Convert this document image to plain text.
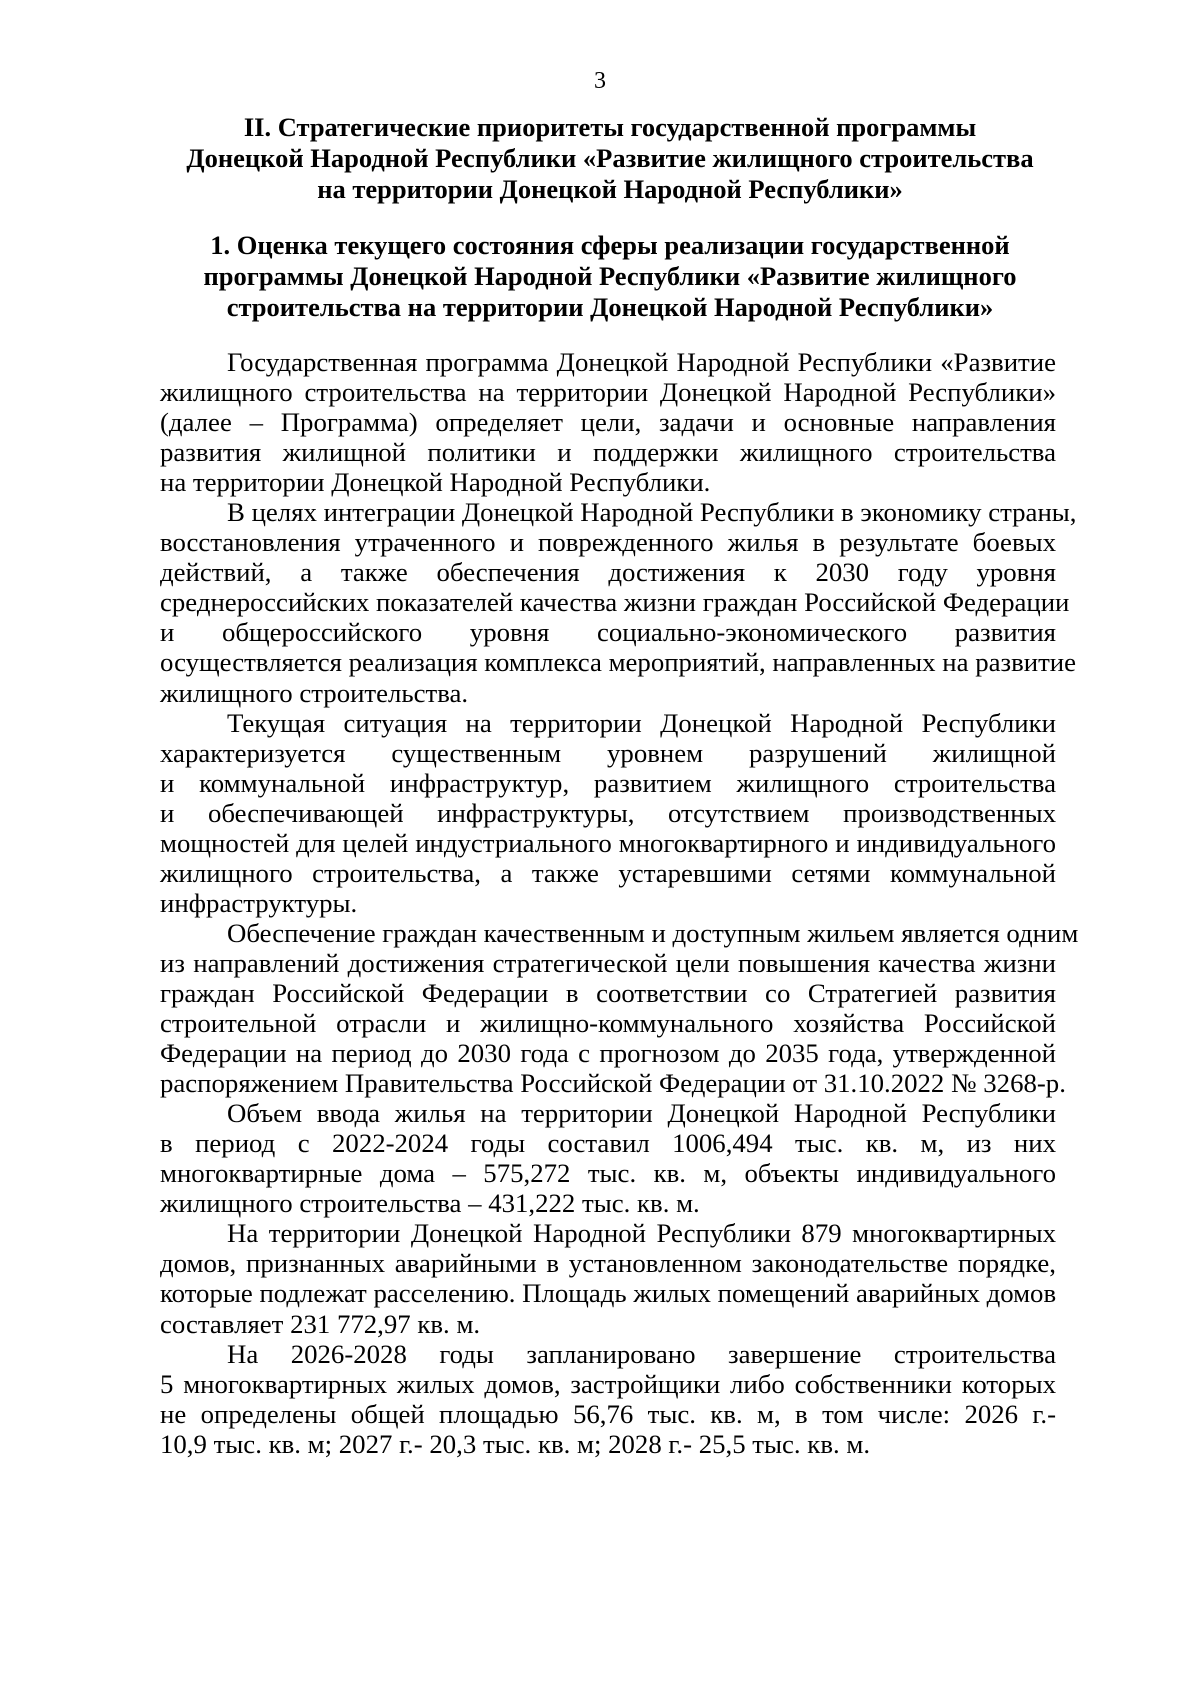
3
II. Стратегические приоритеты государственной программы
Донецкой Народной Республики «Развитие жилищного строительства
на территории Донецкой Народной Республики»
1. Оценка текущего состояния сферы реализации государственной
программы Донецкой Народной Республики «Развитие жилищного
строительства на территории Донецкой Народной Республики»
Государственная программа Донецкой Народной Республики «Развитие
жилищного строительства на территории Донецкой Народной Республики»
(далее – Программа) определяет цели, задачи и основные направления
развития жилищной политики и поддержки жилищного строительства
на территории Донецкой Народной Республики.
В целях интеграции Донецкой Народной Республики в экономику страны,
восстановления утраченного и поврежденного жилья в результате боевых
действий, а также обеспечения достижения к 2030 году уровня
среднероссийских показателей качества жизни граждан Российской Федерации
и общероссийского уровня социально-экономического развития
осуществляется реализация комплекса мероприятий, направленных на развитие
жилищного строительства.
Текущая ситуация на территории Донецкой Народной Республики
характеризуется существенным уровнем разрушений жилищной
и коммунальной инфраструктур, развитием жилищного строительства
и обеспечивающей инфраструктуры, отсутствием производственных
мощностей для целей индустриального многоквартирного и индивидуального
жилищного строительства, а также устаревшими сетями коммунальной
инфраструктуры.
Обеспечение граждан качественным и доступным жильем является одним
из направлений достижения стратегической цели повышения качества жизни
граждан Российской Федерации в соответствии со Стратегией развития
строительной отрасли и жилищно-коммунального хозяйства Российской
Федерации на период до 2030 года с прогнозом до 2035 года, утвержденной
распоряжением Правительства Российской Федерации от 31.10.2022 № 3268-р.
Объем ввода жилья на территории Донецкой Народной Республики
в период с 2022-2024 годы составил 1006,494 тыс. кв. м, из них
многоквартирные дома – 575,272 тыс. кв. м, объекты индивидуального
жилищного строительства – 431,222 тыс. кв. м.
На территории Донецкой Народной Республики 879 многоквартирных
домов, признанных аварийными в установленном законодательстве порядке,
которые подлежат расселению. Площадь жилых помещений аварийных домов
составляет 231 772,97 кв. м.
На 2026-2028 годы запланировано завершение строительства
5 многоквартирных жилых домов, застройщики либо собственники которых
не определены общей площадью 56,76 тыс. кв. м, в том числе: 2026 г.-
10,9 тыс. кв. м; 2027 г.- 20,3 тыс. кв. м; 2028 г.- 25,5 тыс. кв. м.
